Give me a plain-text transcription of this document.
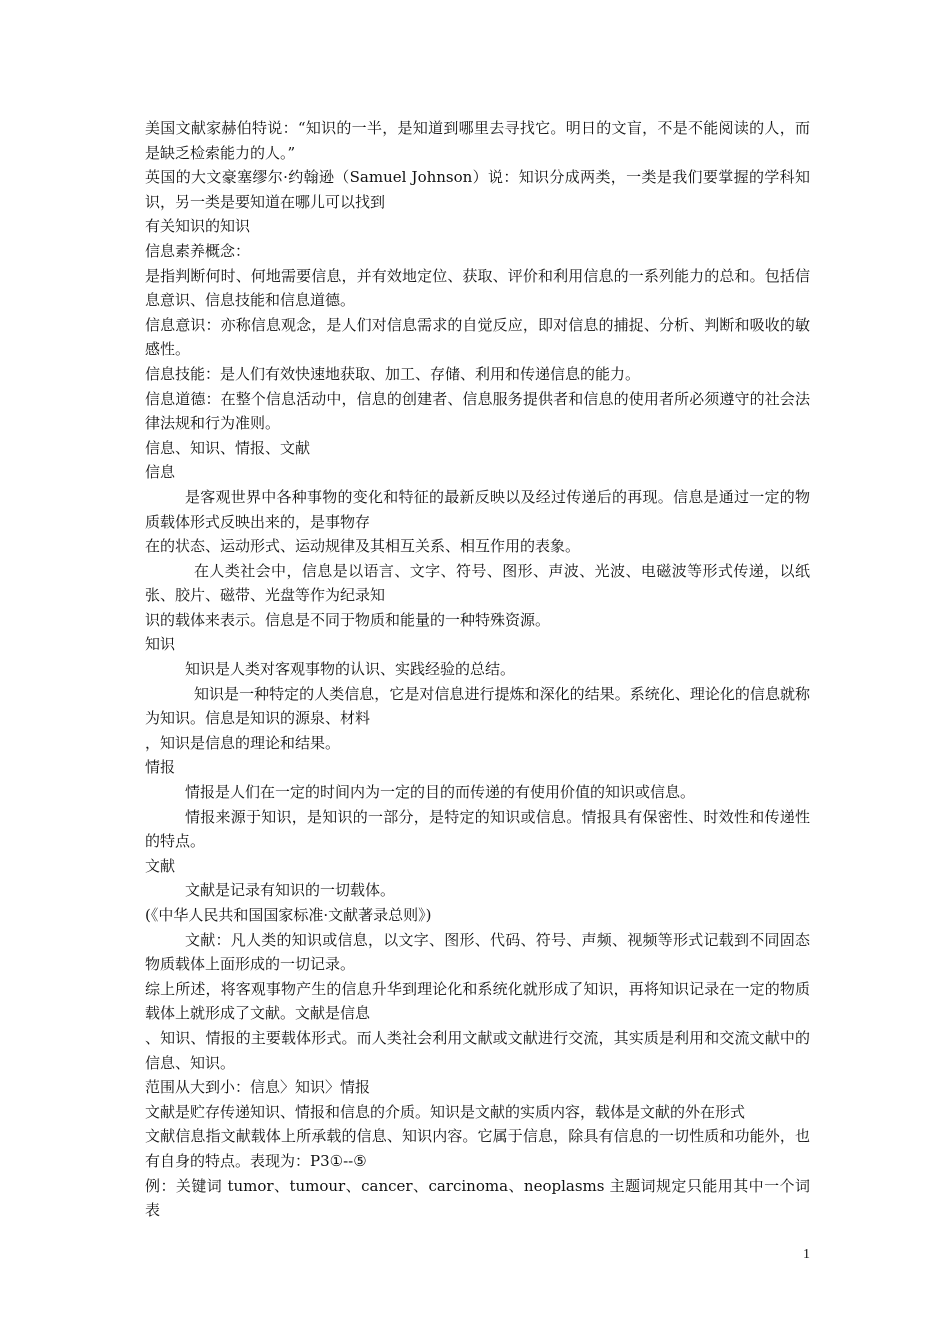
美国文献家赫伯特说：“知识的一半，是知道到哪里去寻找它。明日的文盲，不是不能阅读的人，而是缺乏检索能力的人。”

英国的大文豪塞缪尔·约翰逊（Samuel Johnson）说：知识分成两类，一类是我们要掌握的学科知识，另一类是要知道在哪儿可以找到

有关知识的知识

信息素养概念：

是指判断何时、何地需要信息，并有效地定位、获取、评价和利用信息的一系列能力的总和。包括信息意识、信息技能和信息道德。

信息意识：亦称信息观念，是人们对信息需求的自觉反应，即对信息的捕捉、分析、判断和吸收的敏感性。

信息技能：是人们有效快速地获取、加工、存储、利用和传递信息的能力。

信息道德：在整个信息活动中，信息的创建者、信息服务提供者和信息的使用者所必须遵守的社会法律法规和行为准则。

信息、知识、情报、文献

信息

是客观世界中各种事物的变化和特征的最新反映以及经过传递后的再现。信息是通过一定的物质载体形式反映出来的，是事物存

在的状态、运动形式、运动规律及其相互关系、相互作用的表象。

在人类社会中，信息是以语言、文字、符号、图形、声波、光波、电磁波等形式传递，以纸张、胶片、磁带、光盘等作为纪录知

识的载体来表示。信息是不同于物质和能量的一种特殊资源。

知识

知识是人类对客观事物的认识、实践经验的总结。

知识是一种特定的人类信息，它是对信息进行提炼和深化的结果。系统化、理论化的信息就称为知识。信息是知识的源泉、材料

，知识是信息的理论和结果。

情报

情报是人们在一定的时间内为一定的目的而传递的有使用价值的知识或信息。

情报来源于知识，是知识的一部分，是特定的知识或信息。情报具有保密性、时效性和传递性的特点。

文献

文献是记录有知识的一切载体。

(《中华人民共和国国家标准·文献著录总则》)

文献：凡人类的知识或信息，以文字、图形、代码、符号、声频、视频等形式记载到不同固态物质载体上面形成的一切记录。

综上所述，将客观事物产生的信息升华到理论化和系统化就形成了知识，再将知识记录在一定的物质载体上就形成了文献。文献是信息

、知识、情报的主要载体形式。而人类社会利用文献或文献进行交流，其实质是利用和交流文献中的信息、知识。

范围从大到小：信息〉知识〉情报

文献是贮存传递知识、情报和信息的介质。知识是文献的实质内容，载体是文献的外在形式

文献信息指文献载体上所承载的信息、知识内容。它属于信息，除具有信息的一切性质和功能外，也有自身的特点。表现为：P3①--⑤

例：关键词 tumor、tumour、cancer、carcinoma、neoplasms 主题词规定只能用其中一个词表

1
